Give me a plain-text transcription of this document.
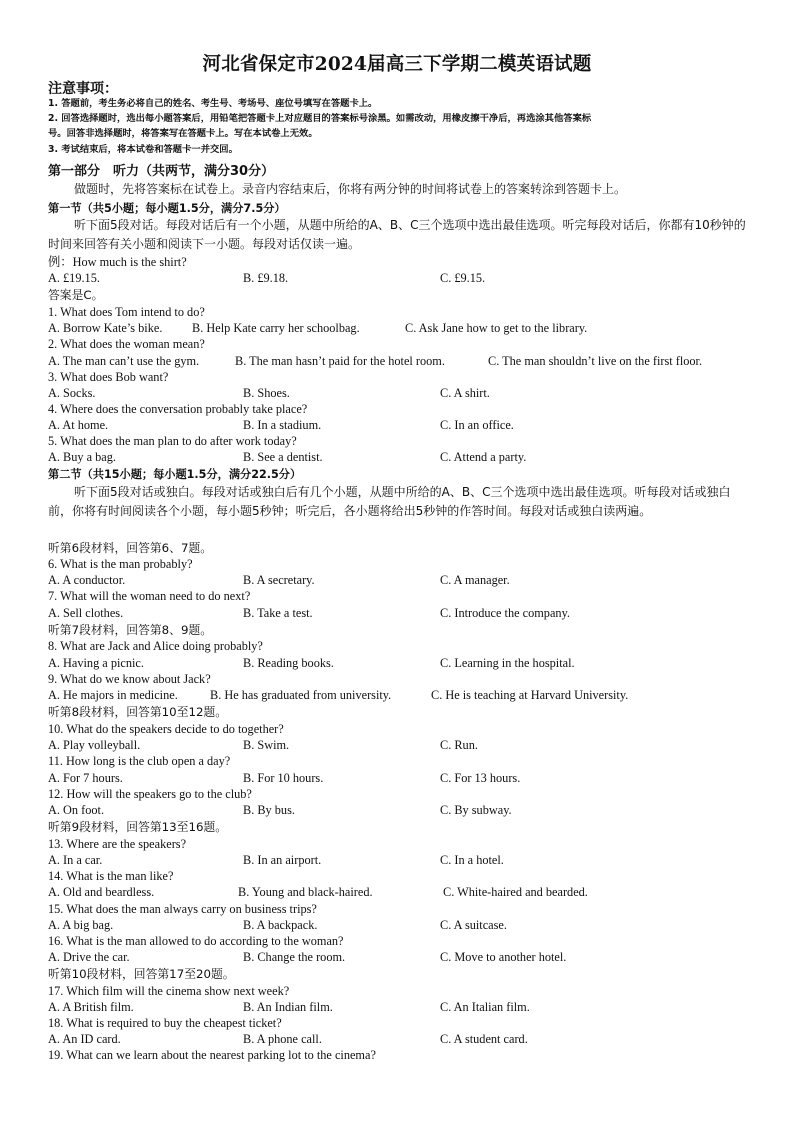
河北省保定市2024届高三下学期二模英语试题
注意事项：
1. 答题前，考生务必将自己的姓名、考生号、考场号、座位号填写在答题卡上。
2. 回答选择题时，选出每小题答案后，用铅笔把答题卡上对应题目的答案标号涂黑。如需改动，用橡皮擦干净后，再选涂其他答案标
号。回答非选择题时，将答案写在答题卡上。写在本试卷上无效。
3. 考试结束后，将本试卷和答题卡一并交回。
第一部分　听力（共两节，满分30分）
做题时，先将答案标在试卷上。录音内容结束后，你将有两分钟的时间将试卷上的答案转涂到答题卡上。
第一节（共5小题；每小题1.5分，满分7.5分）
听下面5段对话。每段对话后有一个小题，从题中所给的A、B、C三个选项中选出最佳选项。听完每段对话后，你都有10秒钟的时间来回答有关小题和阅读下一小题。每段对话仅读一遍。
例：How much is the shirt?
A. £19.15.	B. £9.18.	C. £9.15.
答案是C。
1. What does Tom intend to do?
A. Borrow Kate’s bike. B. Help Kate carry her schoolbag.	C. Ask Jane how to get to the library.
2. What does the woman mean?
A. The man can’t use the gym.	B. The man hasn’t paid for the hotel room.	C. The man shouldn’t live on the first floor.
3. What does Bob want?
A. Socks.	B. Shoes.	C. A shirt.
4. Where does the conversation probably take place?
A. At home.	B. In a stadium.	C. In an office.
5. What does the man plan to do after work today?
A. Buy a bag.	B. See a dentist.	C. Attend a party.
第二节（共15小题；每小题1.5分，满分22.5分）
听下面5段对话或独白。每段对话或独白后有几个小题，从题中所给的A、B、C三个选项中选出最佳选项。听每段对话或独白前，你将有时间阅读各个小题，每小题5秒钟；听完后，各小题将给出5秒钟的作答时间。每段对话或独白读两遍。
听第6段材料，回答第6、7题。
6. What is the man probably?
A. A conductor.	B. A secretary.	C. A manager.
7. What will the woman need to do next?
A. Sell clothes.	B. Take a test.	C. Introduce the company.
听第7段材料，回答第8、9题。
8. What are Jack and Alice doing probably?
A. Having a picnic.	B. Reading books.	C. Learning in the hospital.
9. What do we know about Jack?
A. He majors in medicine.	B. He has graduated from university.	C. He is teaching at Harvard University.
听第8段材料，回答第10至12题。
10. What do the speakers decide to do together?
A. Play volleyball.	B. Swim.	C. Run.
11. How long is the club open a day?
A. For 7 hours.	B. For 10 hours.	C. For 13 hours.
12. How will the speakers go to the club?
A. On foot.	B. By bus.	C. By subway.
听第9段材料，回答第13至16题。
13. Where are the speakers?
A. In a car.	B. In an airport.	C. In a hotel.
14. What is the man like?
A. Old and beardless.	B. Young and black-haired.	C. White-haired and bearded.
15. What does the man always carry on business trips?
A. A big bag.	B. A backpack.	C. A suitcase.
16. What is the man allowed to do according to the woman?
A. Drive the car.	B. Change the room.	C. Move to another hotel.
听第10段材料，回答第17至20题。
17. Which film will the cinema show next week?
A. A British film.	B. An Indian film.	C. An Italian film.
18. What is required to buy the cheapest ticket?
A. An ID card.	B. A phone call.	C. A student card.
19. What can we learn about the nearest parking lot to the cinema?
